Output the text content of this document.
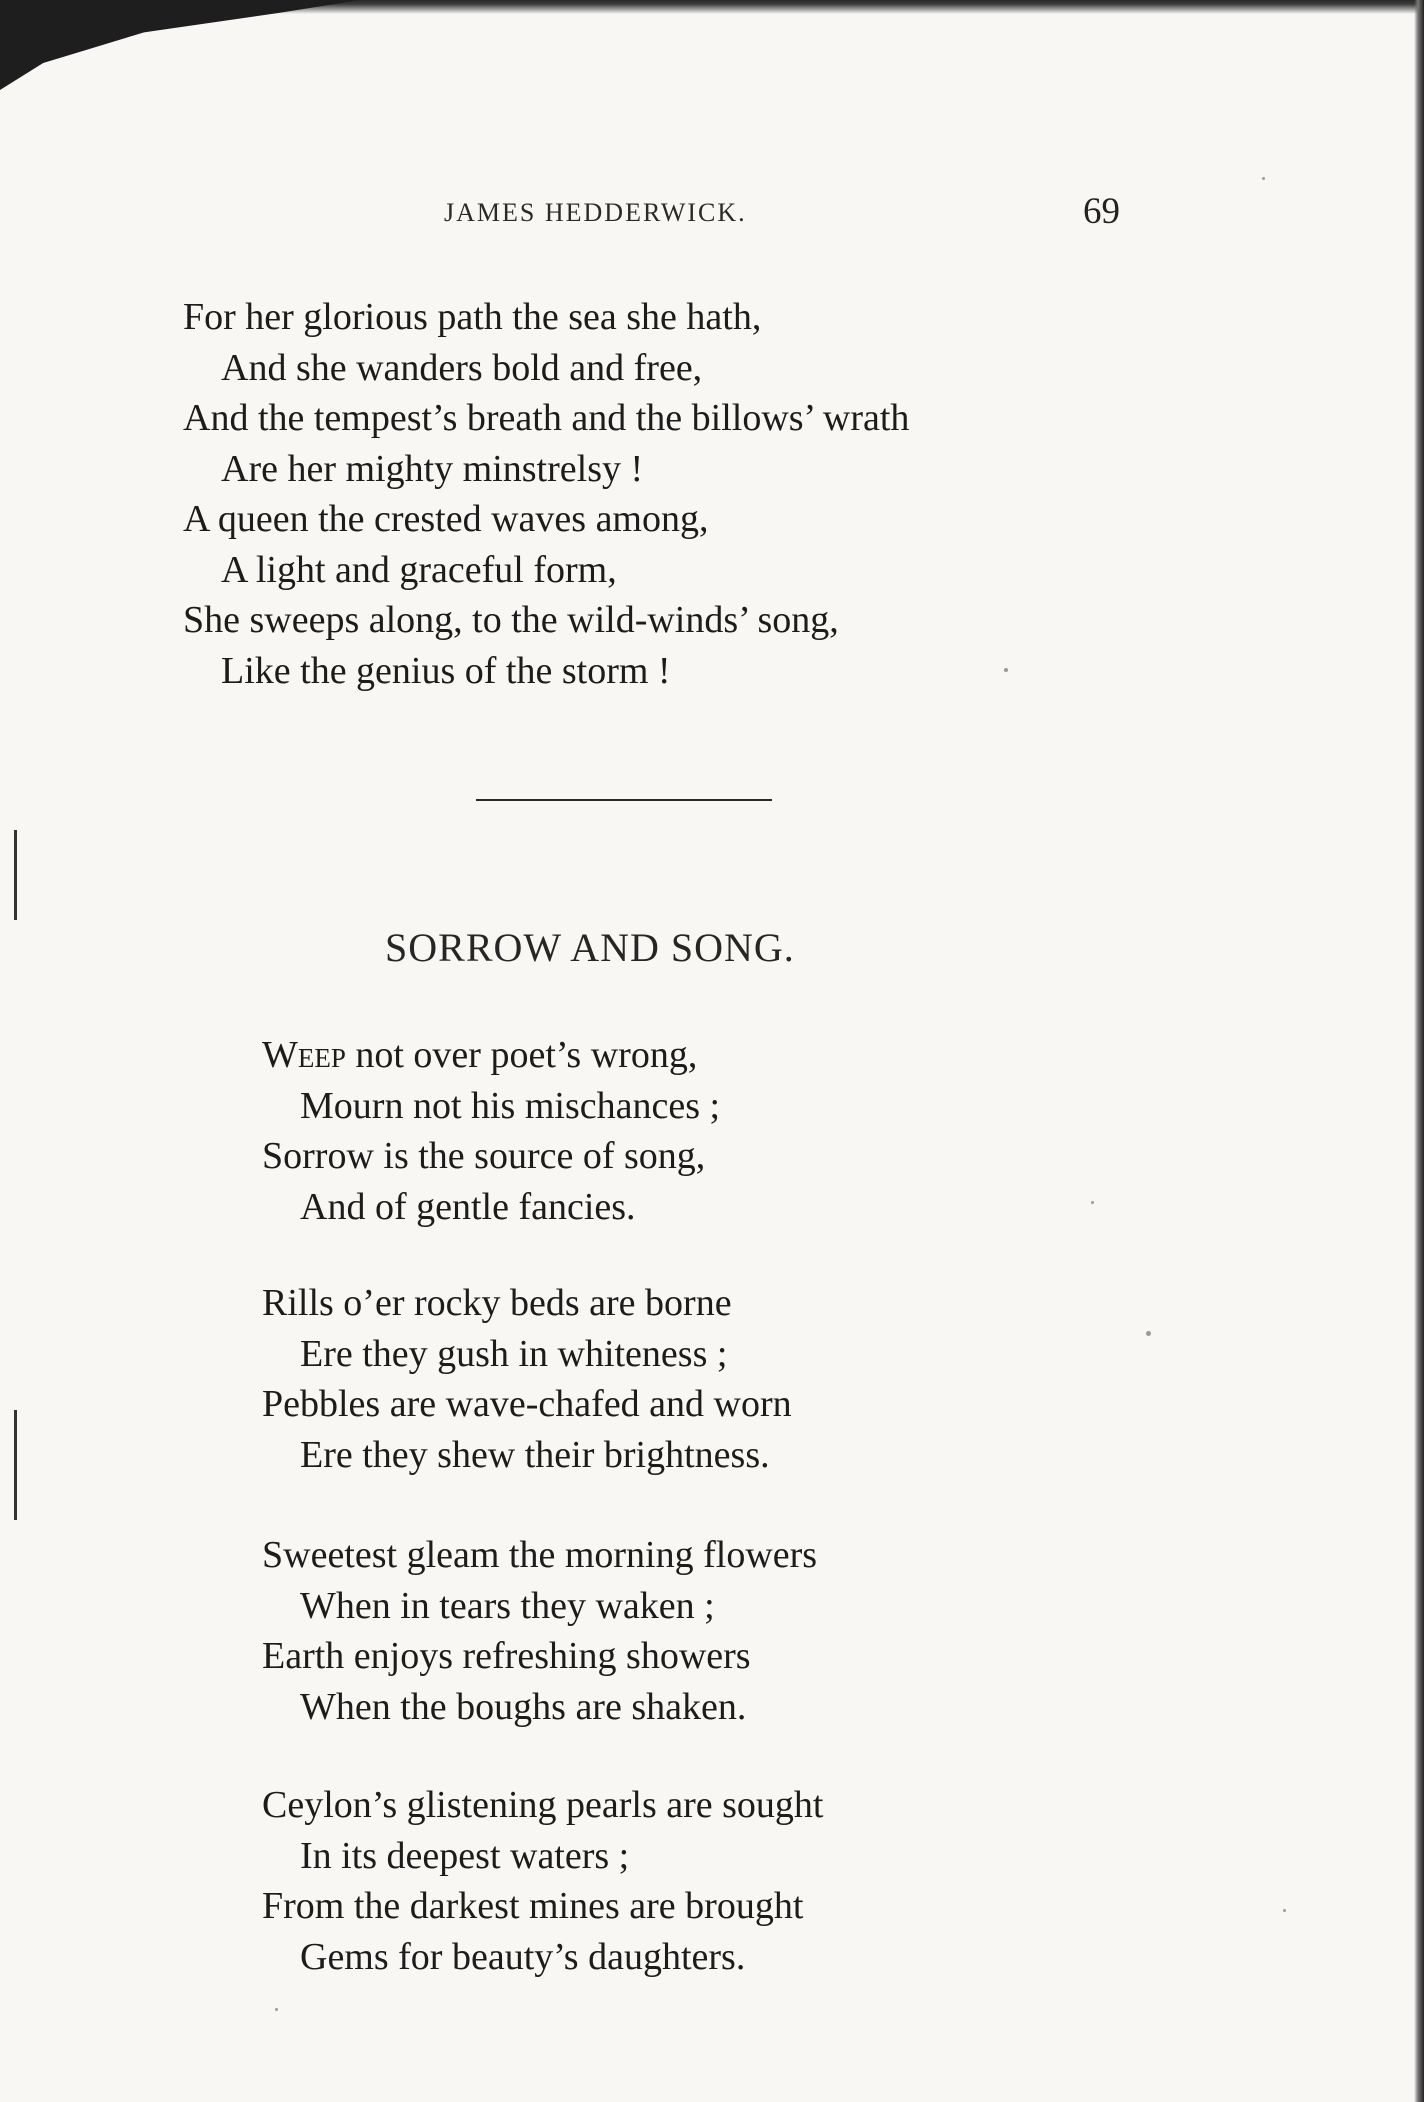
JAMES HEDDERWICK.	69
For her glorious path the sea she hath,
And she wanders bold and free,
And the tempest’s breath and the billows’ wrath
Are her mighty minstrelsy !
A queen the crested waves among,
A light and graceful form,
She sweeps along, to the wild-winds’ song,
Like the genius of the storm !
SORROW AND SONG.
Weep not over poet’s wrong,
Mourn not his mischances ;
Sorrow is the source of song,
And of gentle fancies.
Rills o’er rocky beds are borne
Ere they gush in whiteness ;
Pebbles are wave-chafed and worn
Ere they shew their brightness.
Sweetest gleam the morning flowers
When in tears they waken ;
Earth enjoys refreshing showers
When the boughs are shaken.
Ceylon’s glistening pearls are sought
In its deepest waters ;
From the darkest mines are brought
Gems for beauty’s daughters.
